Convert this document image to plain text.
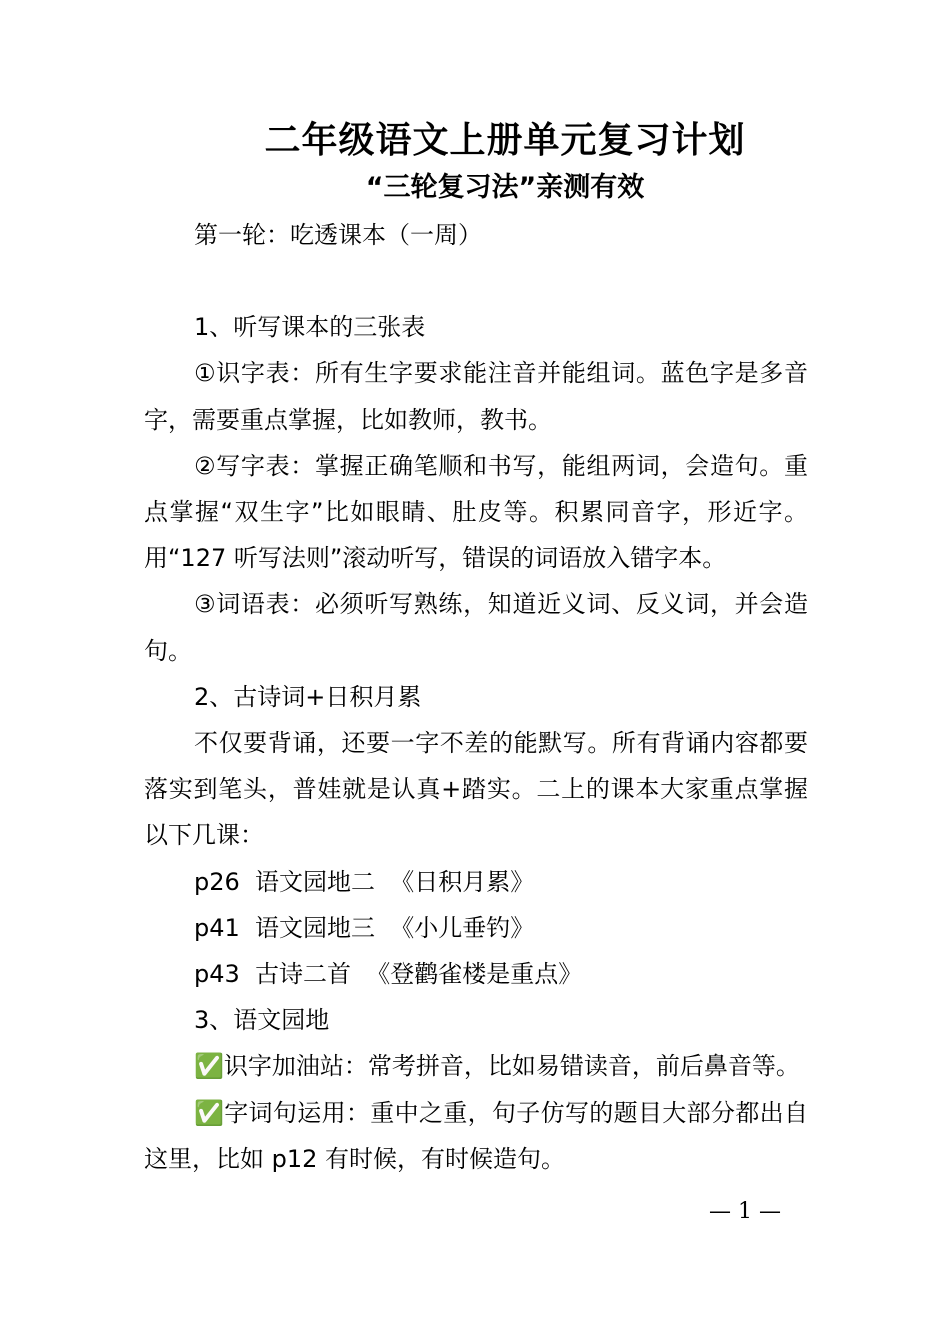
二年级语文上册单元复习计划
“三轮复习法”亲测有效

第一轮：吃透课本（一周）

1、听写课本的三张表

①识字表：所有生字要求能注音并能组词。蓝色字是多音字，需要重点掌握，比如教师，教书。

②写字表：掌握正确笔顺和书写，能组两词，会造句。重点掌握“双生字”比如眼睛、肚皮等。积累同音字，形近字。用“127 听写法则”滚动听写，错误的词语放入错字本。

③词语表：必须听写熟练，知道近义词、反义词，并会造句。

2、古诗词+日积月累

不仅要背诵，还要一字不差的能默写。所有背诵内容都要落实到笔头，普娃就是认真+踏实。二上的课本大家重点掌握以下几课：

p26  语文园地二  《日积月累》

p41  语文园地三  《小儿垂钓》

p43  古诗二首  《登鹳雀楼是重点》

3、语文园地

✅识字加油站：常考拼音，比如易错读音，前后鼻音等。

✅字词句运用：重中之重，句子仿写的题目大部分都出自这里，比如 p12 有时候，有时候造句。

— 1 —
